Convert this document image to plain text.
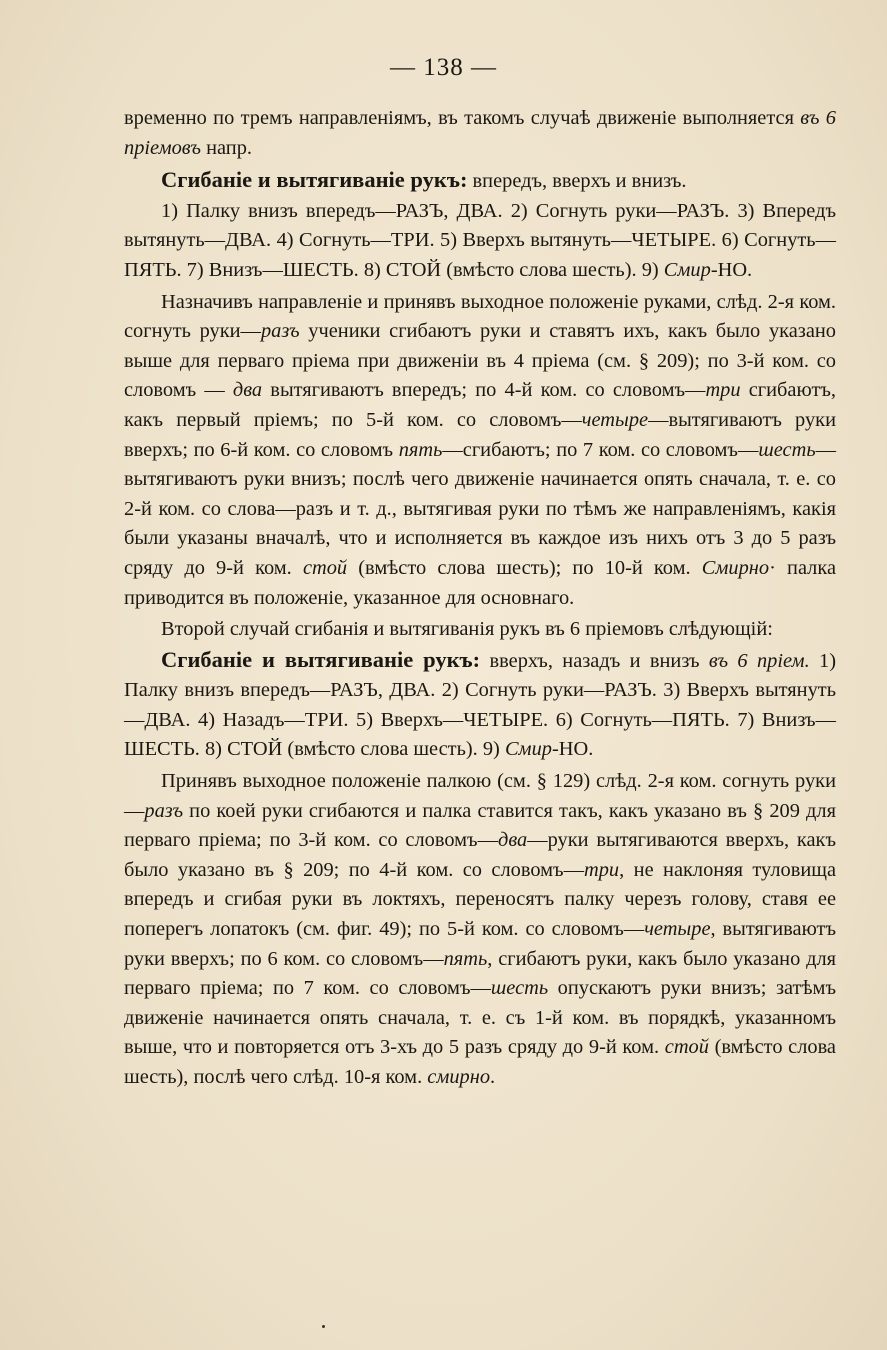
— 138 —

временно по тремъ направленіямъ, въ такомъ случаѣ движеніе выполняется въ 6 пріемовъ напр.

Сгибаніе и вытягиваніе рукъ: впередъ, вверхъ и внизъ.

1) Палку внизъ впередъ—РАЗЪ, ДВА. 2) Согнуть руки—РАЗЪ. 3) Впередъ вытянуть—ДВА. 4) Согнуть—ТРИ. 5) Вверхъ вытянуть—ЧЕТЫРЕ. 6) Согнуть—ПЯТЬ. 7) Внизъ—ШЕСТЬ. 8) СТОЙ (вмѣсто слова шесть). 9) Смир-НО.

Назначивъ направленіе и принявъ выходное положеніе руками, слѣд. 2-я ком. согнуть руки—разъ ученики сгибаютъ руки и ставятъ ихъ, какъ было указано выше для перваго пріема при движеніи въ 4 пріема (см. § 209); по 3-й ком. со словомъ — два вытягиваютъ впередъ; по 4-й ком. со словомъ—три сгибаютъ, какъ первый пріемъ; по 5-й ком. со словомъ—четыре—вытягиваютъ руки вверхъ; по 6-й ком. со словомъ пять—сгибаютъ; по 7 ком. со словомъ—шесть—вытягиваютъ руки внизъ; послѣ чего движеніе начинается опять сначала, т. е. со 2-й ком. со слова—разъ и т. д., вытягивая руки по тѣмъ же направленіямъ, какія были указаны вначалѣ, что и исполняется въ каждое изъ нихъ отъ 3 до 5 разъ сряду до 9-й ком. стой (вмѣсто слова шесть); по 10-й ком. Смирно· палка приводится въ положеніе, указанное для основнаго.

Второй случай сгибанія и вытягиванія рукъ въ 6 пріемовъ слѣдующій:

Сгибаніе и вытягиваніе рукъ: вверхъ, назадъ и внизъ въ 6 пріем. 1) Палку внизъ впередъ—РАЗЪ, ДВА. 2) Согнуть руки—РАЗЪ. 3) Вверхъ вытянуть—ДВА. 4) Назадъ—ТРИ. 5) Вверхъ—ЧЕТЫРЕ. 6) Согнуть—ПЯТЬ. 7) Внизъ—ШЕСТЬ. 8) СТОЙ (вмѣсто слова шесть). 9) Смир-НО.

Принявъ выходное положеніе палкою (см. § 129) слѣд. 2-я ком. согнуть руки—разъ по коей руки сгибаются и палка ставится такъ, какъ указано въ § 209 для перваго пріема; по 3-й ком. со словомъ—два—руки вытягиваются вверхъ, какъ было указано въ § 209; по 4-й ком. со словомъ—три, не наклоняя туловища впередъ и сгибая руки въ локтяхъ, переносятъ палку черезъ голову, ставя ее поперегъ лопатокъ (см. фиг. 49); по 5-й ком. со словомъ—четыре, вытягиваютъ руки вверхъ; по 6 ком. со словомъ—пять, сгибаютъ руки, какъ было указано для перваго пріема; по 7 ком. со словомъ—шесть опускаютъ руки внизъ; затѣмъ движеніе начинается опять сначала, т. е. съ 1-й ком. въ порядкѣ, указанномъ выше, что и повторяется отъ 3-хъ до 5 разъ сряду до 9-й ком. стой (вмѣсто слова шесть), послѣ чего слѣд. 10-я ком. смирно.
